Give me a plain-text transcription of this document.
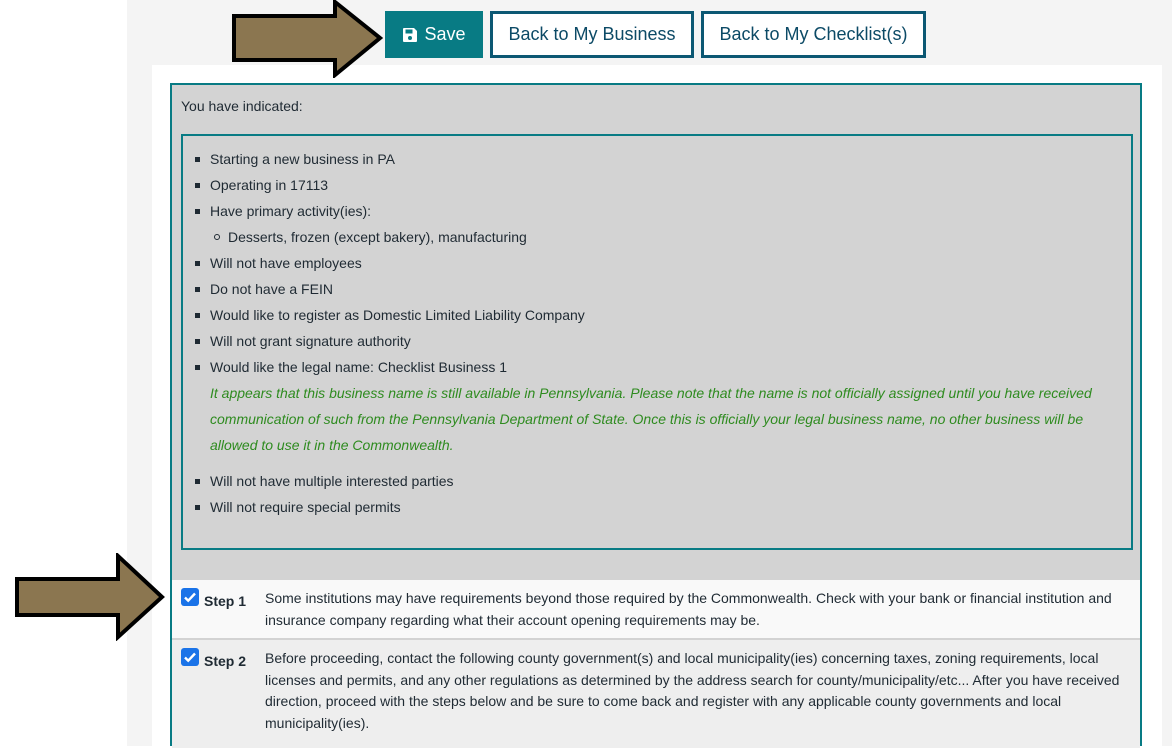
Save	Back to My Business	Back to My Checklist(s)
You have indicated:
Starting a new business in PA
Operating in 17113
Have primary activity(ies):
Desserts, frozen (except bakery), manufacturing
Will not have employees
Do not have a FEIN
Would like to register as Domestic Limited Liability Company
Will not grant signature authority
Would like the legal name: Checklist Business 1
It appears that this business name is still available in Pennsylvania. Please note that the name is not officially assigned until you have received communication of such from the Pennsylvania Department of State. Once this is officially your legal business name, no other business will be allowed to use it in the Commonwealth.
Will not have multiple interested parties
Will not require special permits
Step 1 Some institutions may have requirements beyond those required by the Commonwealth. Check with your bank or financial institution and insurance company regarding what their account opening requirements may be.
Step 2 Before proceeding, contact the following county government(s) and local municipality(ies) concerning taxes, zoning requirements, local licenses and permits, and any other regulations as determined by the address search for county/municipality/etc... After you have received direction, proceed with the steps below and be sure to come back and register with any applicable county governments and local municipality(ies).
